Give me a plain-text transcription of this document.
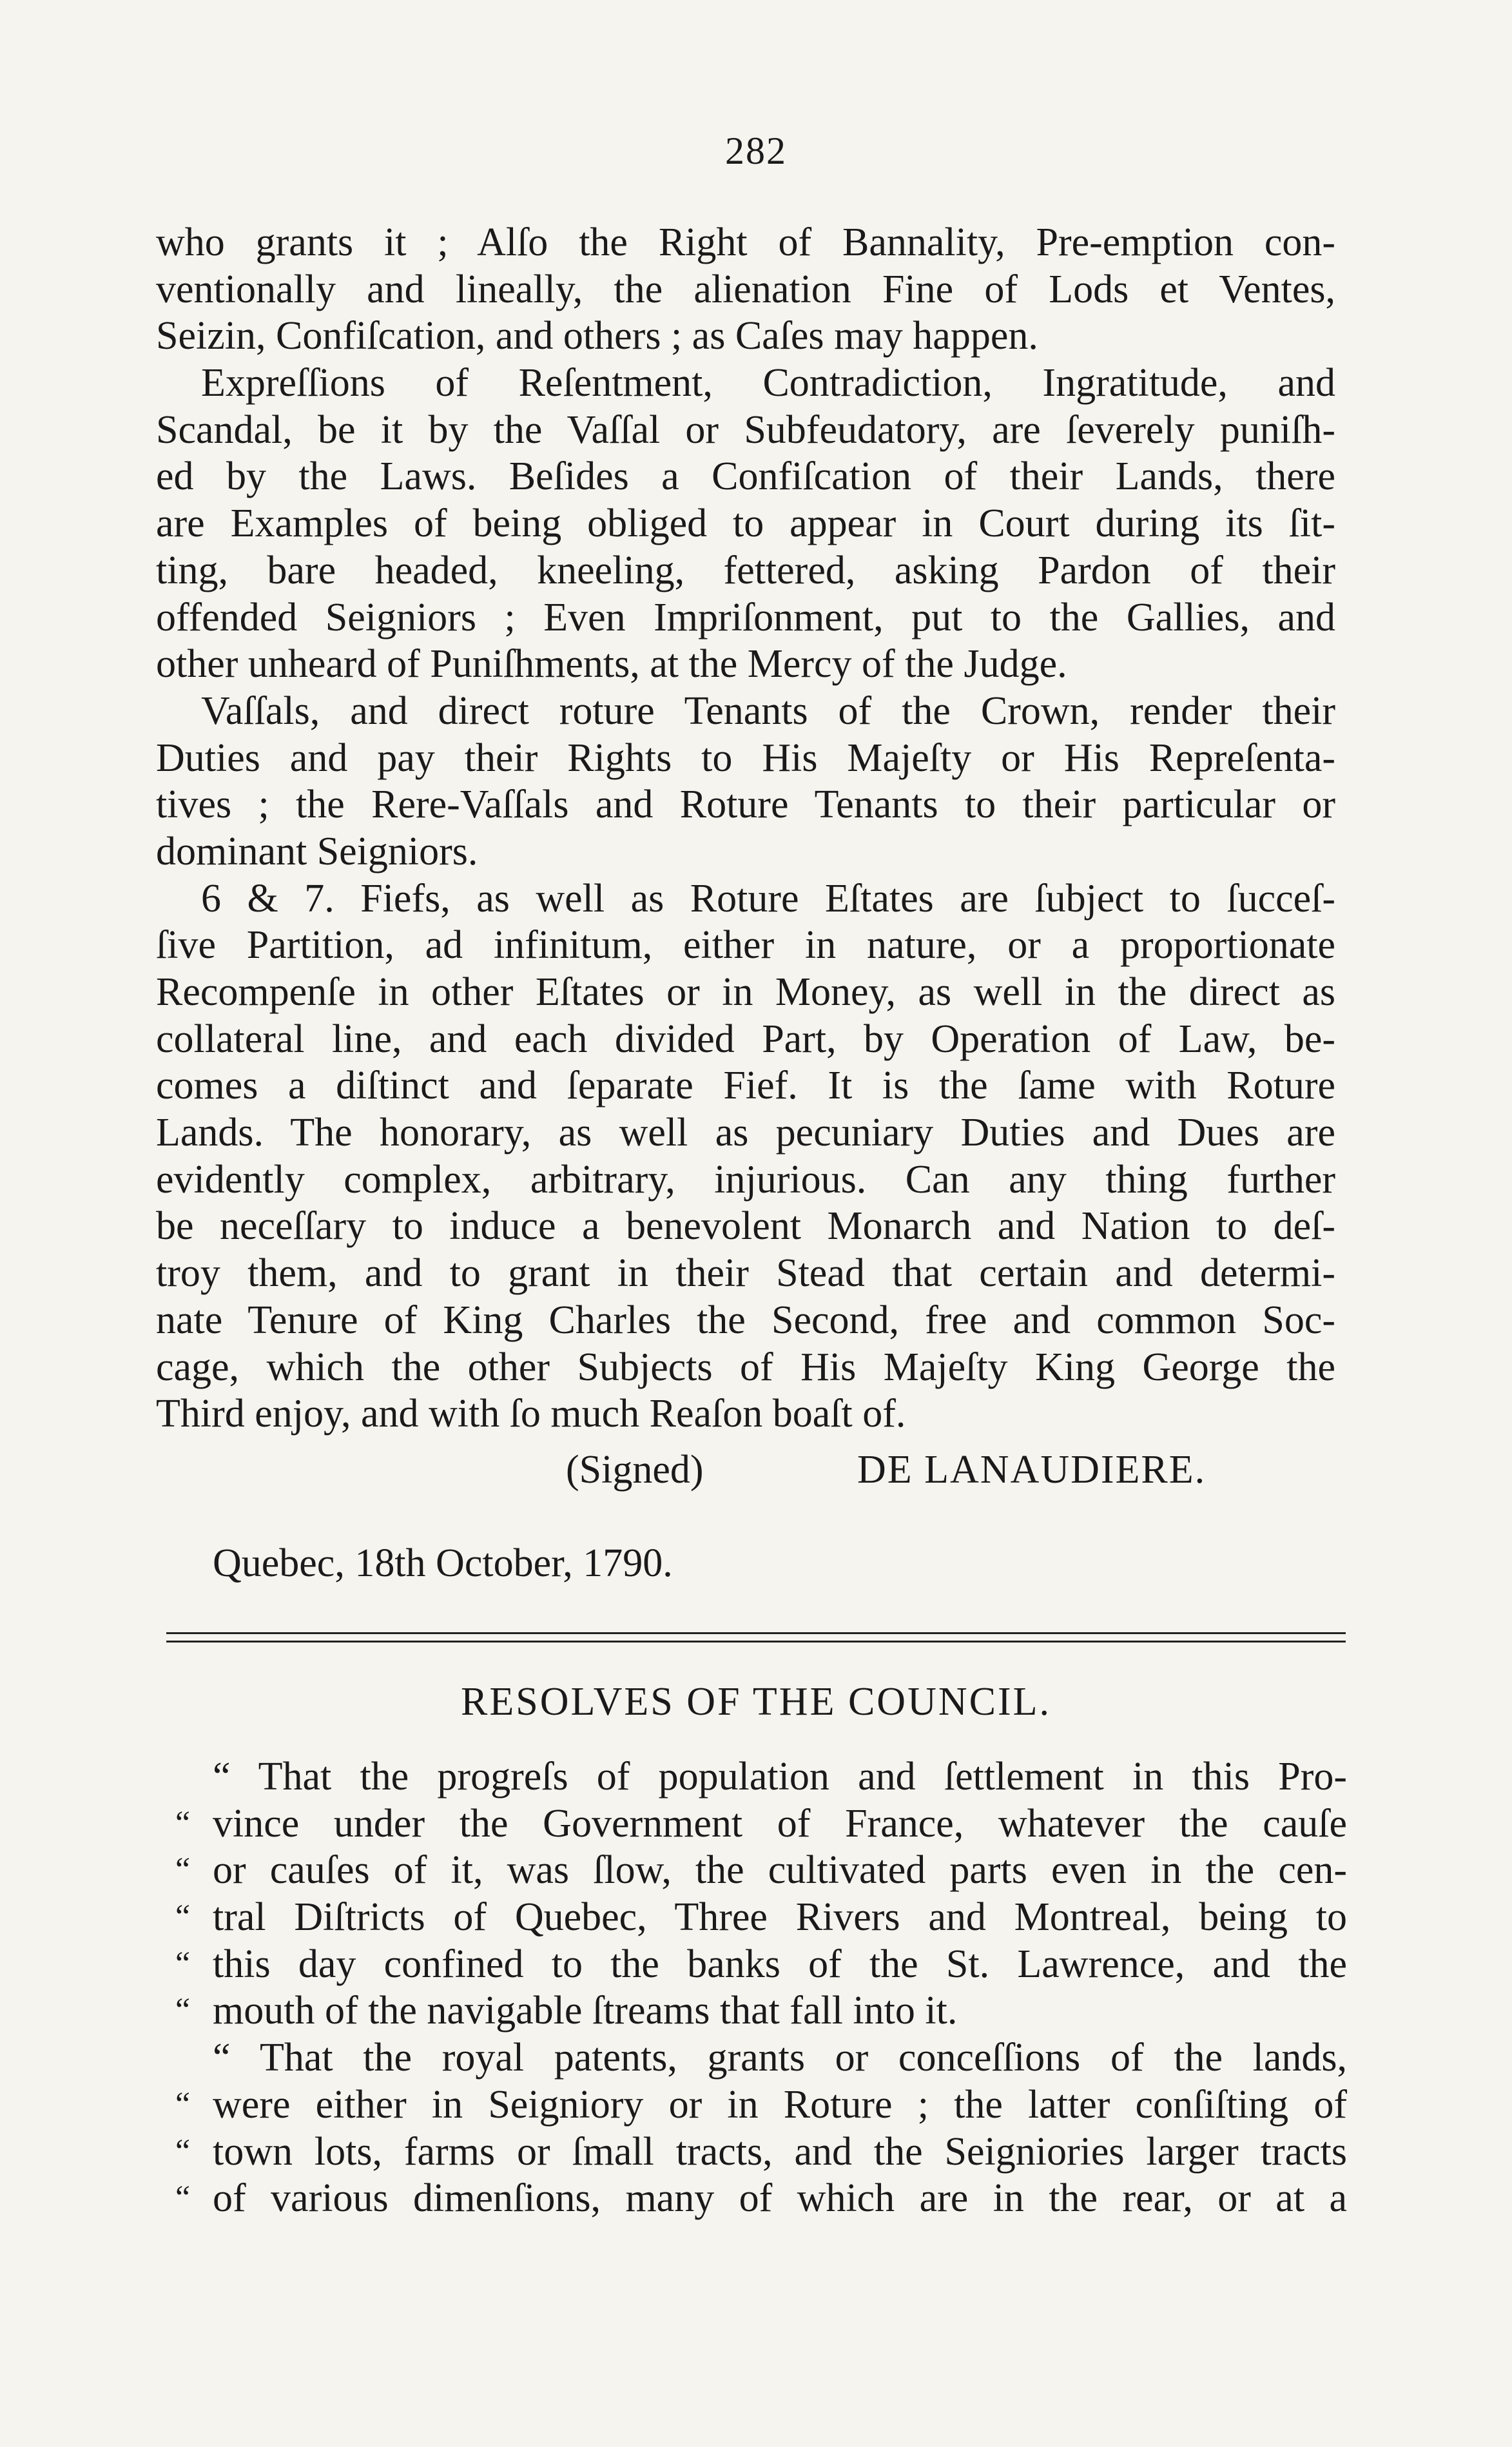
282
who grants it ; Alſo the Right of Bannality, Pre-emption con-
ventionally and lineally, the alienation Fine of Lods et Ventes,
Seizin, Confiſcation, and others ; as Caſes may happen.
Expreſſions of Reſentment, Contradiction, Ingratitude, and
Scandal, be it by the Vaſſal or Subfeudatory, are ſeverely puniſh-
ed by the Laws. Beſides a Confiſcation of their Lands, there
are Examples of being obliged to appear in Court during its ſit-
ting, bare headed, kneeling, fettered, asking Pardon of their
offended Seigniors ; Even Impriſonment, put to the Gallies, and
other unheard of Puniſhments, at the Mercy of the Judge.
Vaſſals, and direct roture Tenants of the Crown, render their
Duties and pay their Rights to His Majeſty or His Repreſenta-
tives ; the Rere-Vaſſals and Roture Tenants to their particular or
dominant Seigniors.
6 & 7. Fiefs, as well as Roture Eſtates are ſubject to ſucceſ-
ſive Partition, ad infinitum, either in nature, or a proportionate
Recompenſe in other Eſtates or in Money, as well in the direct as
collateral line, and each divided Part, by Operation of Law, be-
comes a diſtinct and ſeparate Fief. It is the ſame with Roture
Lands. The honorary, as well as pecuniary Duties and Dues are
evidently complex, arbitrary, injurious. Can any thing further
be neceſſary to induce a benevolent Monarch and Nation to deſ-
troy them, and to grant in their Stead that certain and determi-
nate Tenure of King Charles the Second, free and common Soc-
cage, which the other Subjects of His Majeſty King George the
Third enjoy, and with ſo much Reaſon boaſt of.
(Signed)	DE LANAUDIERE.
Quebec, 18th October, 1790.
RESOLVES OF THE COUNCIL.
“ That the progreſs of population and ſettlement in this Pro-
“ vince under the Government of France, whatever the cauſe
“ or cauſes of it, was ſlow, the cultivated parts even in the cen-
“ tral Diſtricts of Quebec, Three Rivers and Montreal, being to
“ this day confined to the banks of the St. Lawrence, and the
“ mouth of the navigable ſtreams that fall into it.
“ That the royal patents, grants or conceſſions of the lands,
“ were either in Seigniory or in Roture ; the latter conſiſting of
“ town lots, farms or ſmall tracts, and the Seigniories larger tracts
“ of various dimenſions, many of which are in the rear, or at a
